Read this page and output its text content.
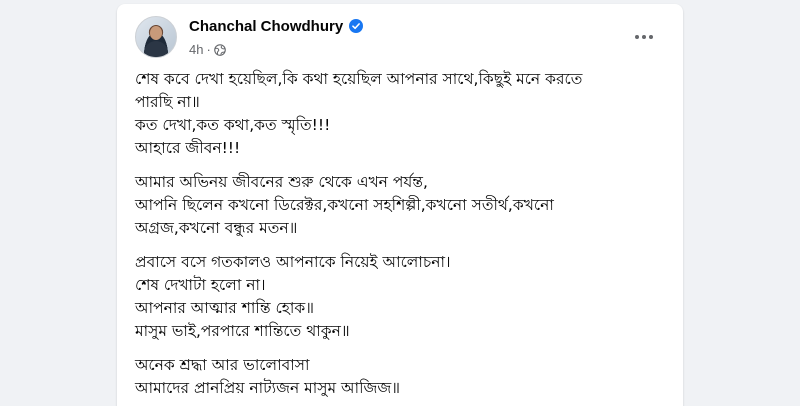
Chanchal Chowdhury
4h ·
শেষ কবে দেখা হয়েছিল,কি কথা হয়েছিল আপনার সাথে,কিছুই মনে করতে
পারছি না॥
কত দেখা,কত কথা,কত স্মৃতি!!!
আহারে জীবন!!!
আমার অভিনয় জীবনের শুরু থেকে এখন পর্যন্ত,
আপনি ছিলেন কখনো ডিরেক্টর,কখনো সহশিল্পী,কখনো সতীর্থ,কখনো
অগ্রজ,কখনো বন্ধুর মতন॥
প্রবাসে বসে গতকালও আপনাকে নিয়েই আলোচনা।
শেষ দেখাটা হলো না।
আপনার আত্মার শান্তি হোক॥
মাসুম ভাই,পরপারে শান্তিতে থাকুন॥
অনেক শ্রদ্ধা আর ভালোবাসা
আমাদের প্রানপ্রিয় নাট্যজন মাসুম আজিজ॥
